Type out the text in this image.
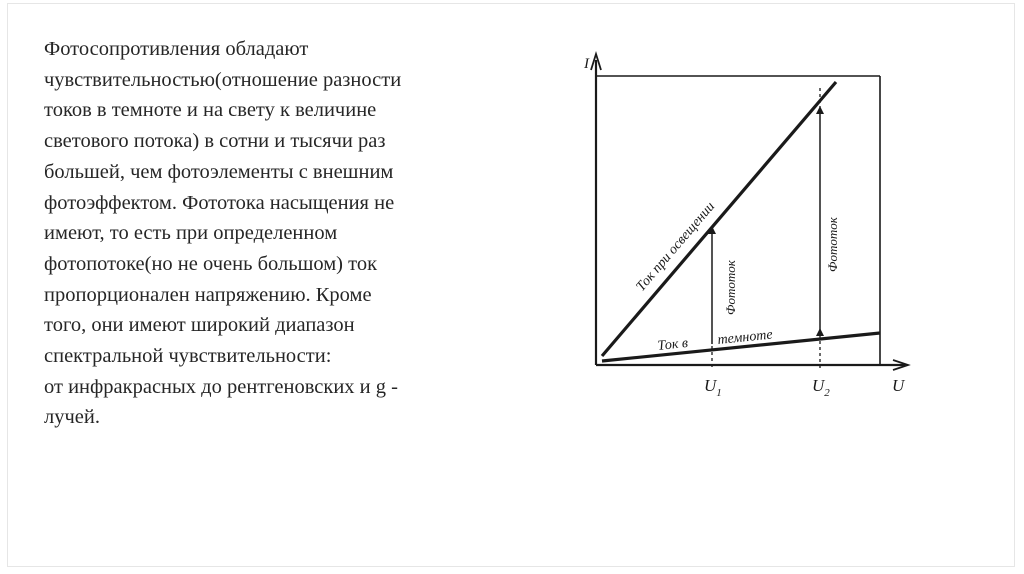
Фотосопротивления обладают
чувствительностью(отношение разности
токов в темноте и на свету к величине
светового потока) в сотни и тысячи раз
большей, чем фотоэлементы с внешним
фотоэффектом. Фототока насыщения не
имеют, то есть при определенном
фотопотоке(но не очень большом) ток
пропорционален напряжению. Кроме
того, они имеют широкий диапазон
спектральной чувствительности:
от инфракрасных до рентгеновских и g -
лучей.
I
U
$U_1$	$U_2$
Ток при освещении
Ток в темноте
Фототок
Фототок
